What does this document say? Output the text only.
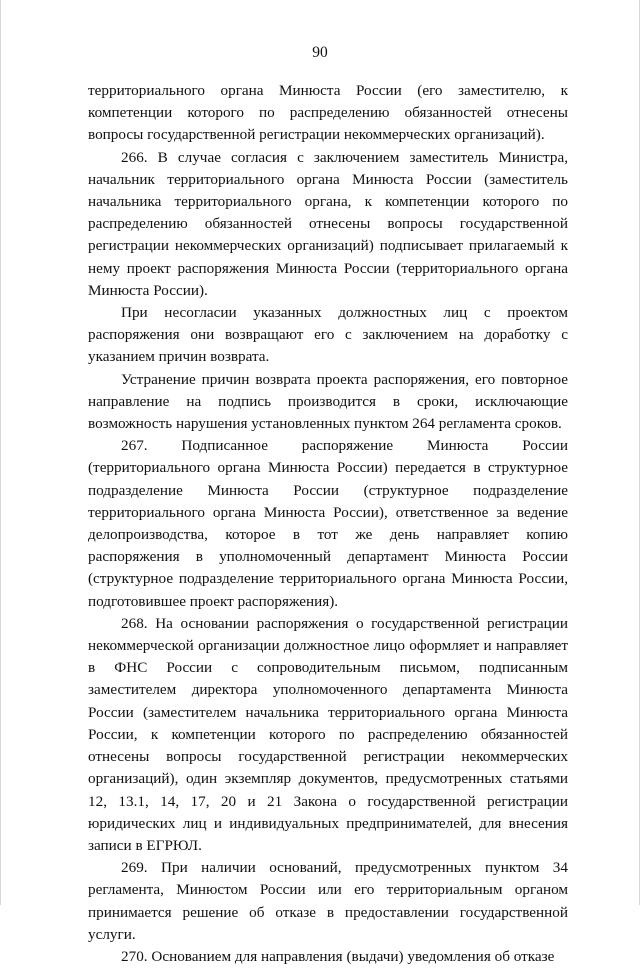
90

территориального органа Минюста России (его заместителю, к компетенции которого по распределению обязанностей отнесены вопросы государственной регистрации некоммерческих организаций).

266. В случае согласия с заключением заместитель Министра, начальник территориального органа Минюста России (заместитель начальника территориального органа, к компетенции которого по распределению обязанностей отнесены вопросы государственной регистрации некоммерческих организаций) подписывает прилагаемый к нему проект распоряжения Минюста России (территориального органа Минюста России).

При несогласии указанных должностных лиц с проектом распоряжения они возвращают его с заключением на доработку с указанием причин возврата.

Устранение причин возврата проекта распоряжения, его повторное направление на подпись производится в сроки, исключающие возможность нарушения установленных пунктом 264 регламента сроков.

267. Подписанное распоряжение Минюста России (территориального органа Минюста России) передается в структурное подразделение Минюста России (структурное подразделение территориального органа Минюста России), ответственное за ведение делопроизводства, которое в тот же день направляет копию распоряжения в уполномоченный департамент Минюста России (структурное подразделение территориального органа Минюста России, подготовившее проект распоряжения).

268. На основании распоряжения о государственной регистрации некоммерческой организации должностное лицо оформляет и направляет в ФНС России с сопроводительным письмом, подписанным заместителем директора уполномоченного департамента Минюста России (заместителем начальника территориального органа Минюста России, к компетенции которого по распределению обязанностей отнесены вопросы государственной регистрации некоммерческих организаций), один экземпляр документов, предусмотренных статьями 12, 13.1, 14, 17, 20 и 21 Закона о государственной регистрации юридических лиц и индивидуальных предпринимателей, для внесения записи в ЕГРЮЛ.

269. При наличии оснований, предусмотренных пунктом 34 регламента, Минюстом России или его территориальным органом принимается решение об отказе в предоставлении государственной услуги.

270. Основанием для направления (выдачи) уведомления об отказе
